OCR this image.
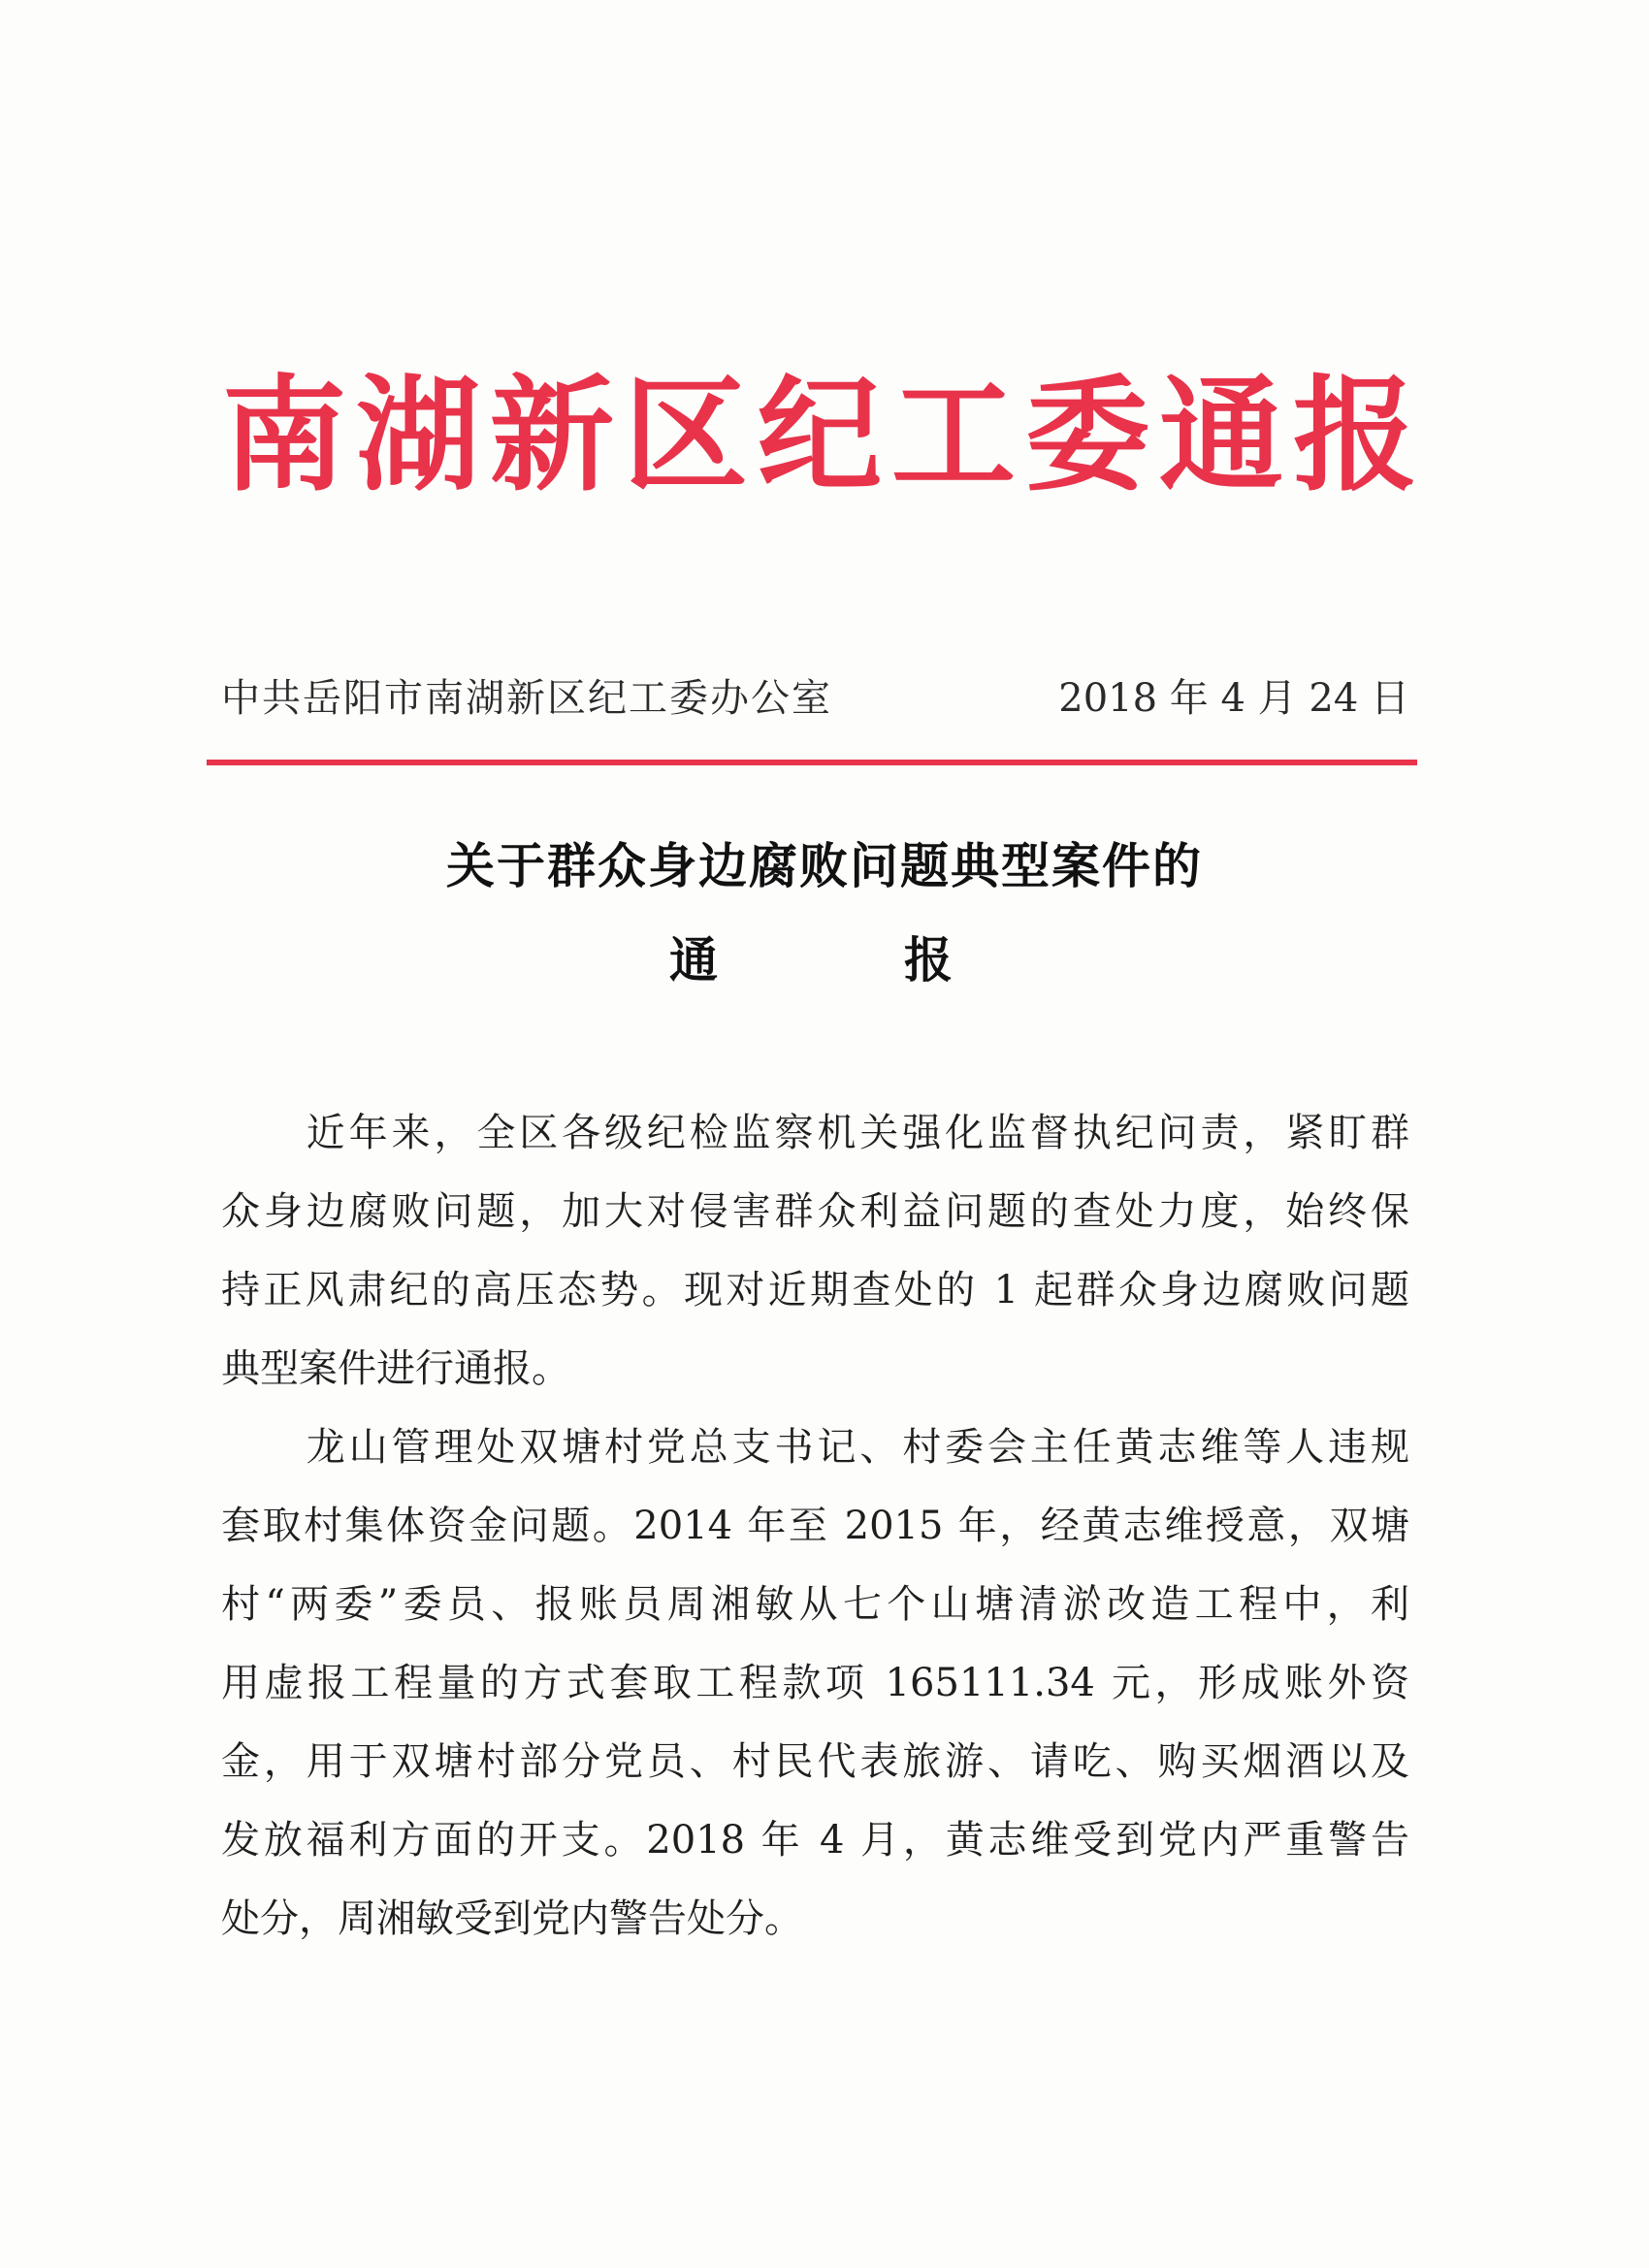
南湖新区纪工委通报
中共岳阳市南湖新区纪工委办公室	2018 年 4 月 24 日
关于群众身边腐败问题典型案件的
通	报
　　近年来，全区各级纪检监察机关强化监督执纪问责，紧盯群
众身边腐败问题，加大对侵害群众利益问题的查处力度，始终保
持正风肃纪的高压态势。现对近期查处的 1 起群众身边腐败问题
典型案件进行通报。
　　龙山管理处双塘村党总支书记、村委会主任黄志维等人违规
套取村集体资金问题。2014 年至 2015 年，经黄志维授意，双塘
村“两委”委员、报账员周湘敏从七个山塘清淤改造工程中，利
用虚报工程量的方式套取工程款项 165111.34 元，形成账外资
金，用于双塘村部分党员、村民代表旅游、请吃、购买烟酒以及
发放福利方面的开支。2018 年 4 月，黄志维受到党内严重警告
处分，周湘敏受到党内警告处分。
